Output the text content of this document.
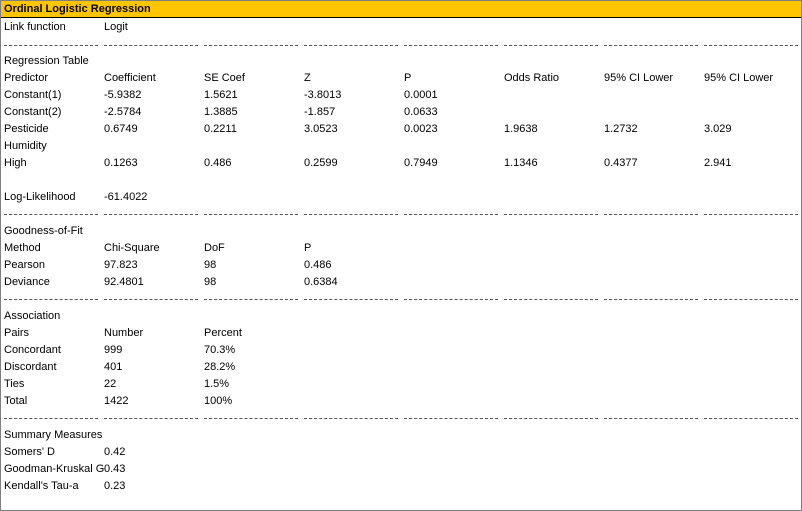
Ordinal Logistic Regression
Link function	Logit
Regression Table
Predictor	Coefficient	SE Coef	Z	P	Odds Ratio	95% CI Lower	95% CI Lower
Constant(1)	-5.9382	1.5621	-3.8013	0.0001
Constant(2)	-2.5784	1.3885	-1.857	0.0633
Pesticide	0.6749	0.2211	3.0523	0.0023	1.9638	1.2732	3.029
Humidity
High	0.1263	0.486	0.2599	0.7949	1.1346	0.4377	2.941
Log-Likelihood	-61.4022
Goodness-of-Fit
Method	Chi-Square	DoF	P
Pearson	97.823	98	0.486
Deviance	92.4801	98	0.6384
Association
Pairs	Number	Percent
Concordant	999	70.3%
Discordant	401	28.2%
Ties	22	1.5%
Total	1422	100%
Summary Measures
Somers' D	0.42
Goodman-Kruskal G 0.43
Kendall's Tau-a 0.23
